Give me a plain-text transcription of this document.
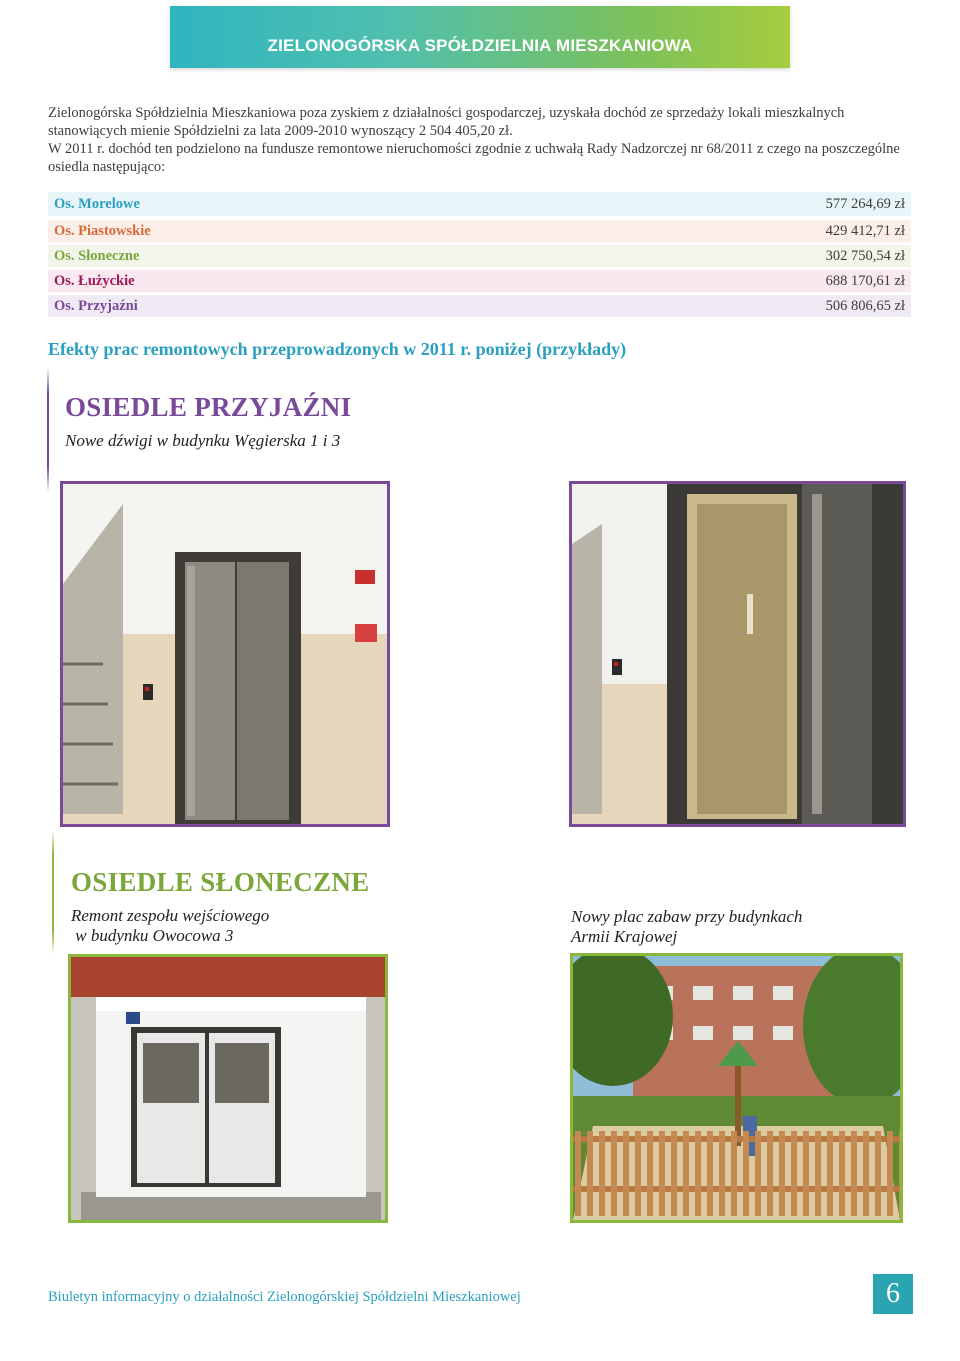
ZIELONOGÓRSKA SPÓŁDZIELNIA MIESZKANIOWA

Zielonogórska Spółdzielnia Mieszkaniowa poza zyskiem z działalności gospodarczej, uzyskała dochód ze sprzedaży lokali mieszkalnych stanowiących mienie Spółdzielni za lata 2009-2010 wynoszący 2 504 405,20 zł.

W 2011 r. dochód ten podzielono na fundusze remontowe nieruchomości zgodnie z uchwałą Rady Nadzorczej nr 68/2011 z czego na poszczególne osiedla następująco:

Os. Morelowe	577 264,69 zł
Os. Piastowskie	429 412,71 zł
Os. Słoneczne	302 750,54 zł
Os. Łużyckie	688 170,61 zł
Os. Przyjaźni	506 806,65 zł
Efekty prac remontowych przeprowadzonych w 2011 r. poniżej (przykłady)
OSIEDLE PRZYJAŹNI
Nowe dźwigi w budynku Węgierska 1 i 3
OSIEDLE SŁONECZNE
Remont zespołu wejściowego
w budynku Owocowa 3
Nowy plac zabaw przy budynkach
Armii Krajowej
Biuletyn informacyjny o działalności Zielonogórskiej Spółdzielni Mieszkaniowej	6
